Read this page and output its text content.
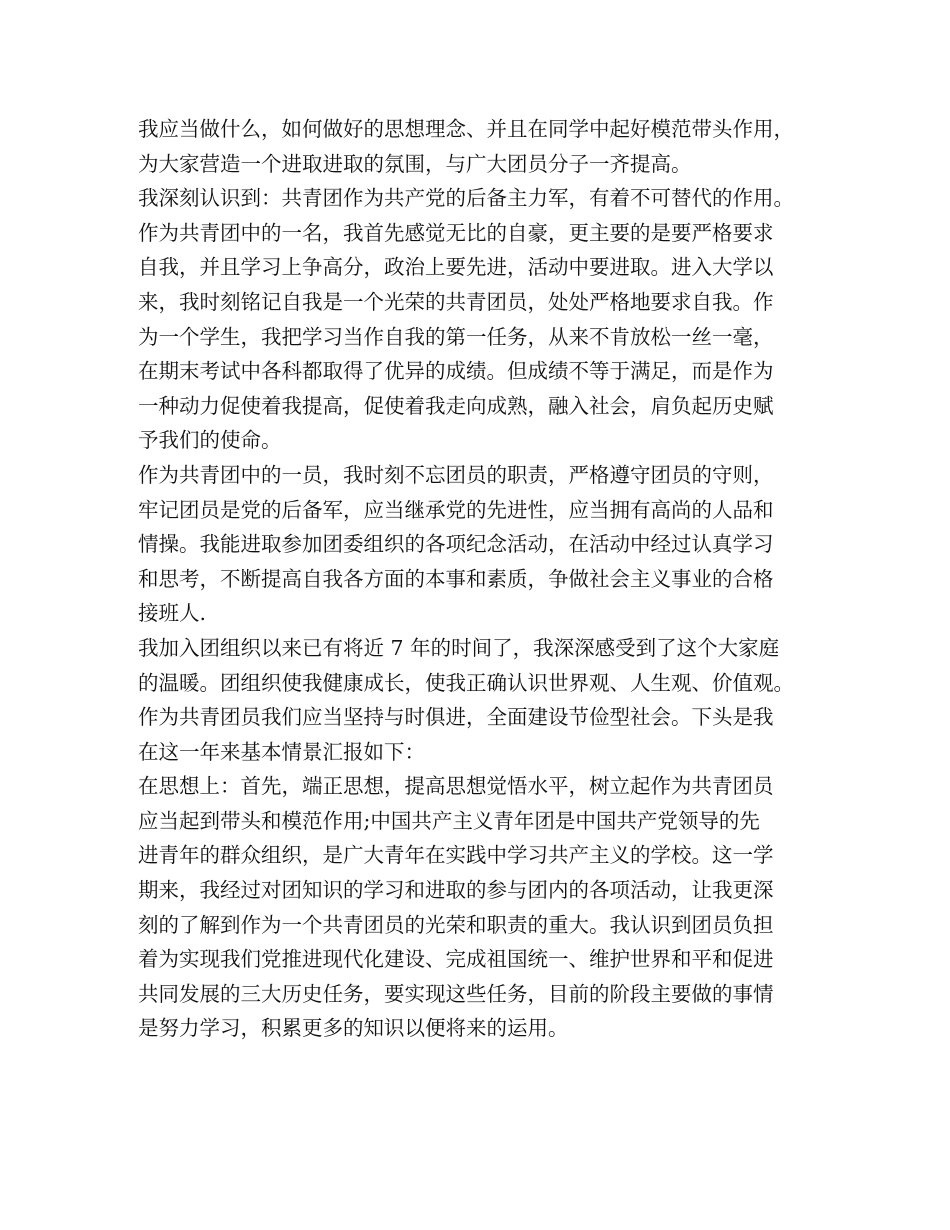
我应当做什么，如何做好的思想理念、并且在同学中起好模范带头作用，
为大家营造一个进取进取的氛围，与广大团员分子一齐提高。
我深刻认识到：共青团作为共产党的后备主力军，有着不可替代的作用。
作为共青团中的一名，我首先感觉无比的自豪，更主要的是要严格要求
自我，并且学习上争高分，政治上要先进，活动中要进取。进入大学以
来，我时刻铭记自我是一个光荣的共青团员，处处严格地要求自我。作
为一个学生，我把学习当作自我的第一任务，从来不肯放松一丝一毫，
在期末考试中各科都取得了优异的成绩。但成绩不等于满足，而是作为
一种动力促使着我提高，促使着我走向成熟，融入社会，肩负起历史赋
予我们的使命。
作为共青团中的一员，我时刻不忘团员的职责，严格遵守团员的守则，
牢记团员是党的后备军，应当继承党的先进性，应当拥有高尚的人品和
情操。我能进取参加团委组织的各项纪念活动，在活动中经过认真学习
和思考，不断提高自我各方面的本事和素质，争做社会主义事业的合格
接班人.
我加入团组织以来已有将近 7 年的时间了，我深深感受到了这个大家庭
的温暖。团组织使我健康成长，使我正确认识世界观、人生观、价值观。
作为共青团员我们应当坚持与时俱进，全面建设节俭型社会。下头是我
在这一年来基本情景汇报如下：
在思想上：首先，端正思想，提高思想觉悟水平，树立起作为共青团员
应当起到带头和模范作用;中国共产主义青年团是中国共产党领导的先
进青年的群众组织，是广大青年在实践中学习共产主义的学校。这一学
期来，我经过对团知识的学习和进取的参与团内的各项活动，让我更深
刻的了解到作为一个共青团员的光荣和职责的重大。我认识到团员负担
着为实现我们党推进现代化建设、完成祖国统一、维护世界和平和促进
共同发展的三大历史任务，要实现这些任务，目前的阶段主要做的事情
是努力学习，积累更多的知识以便将来的运用。
